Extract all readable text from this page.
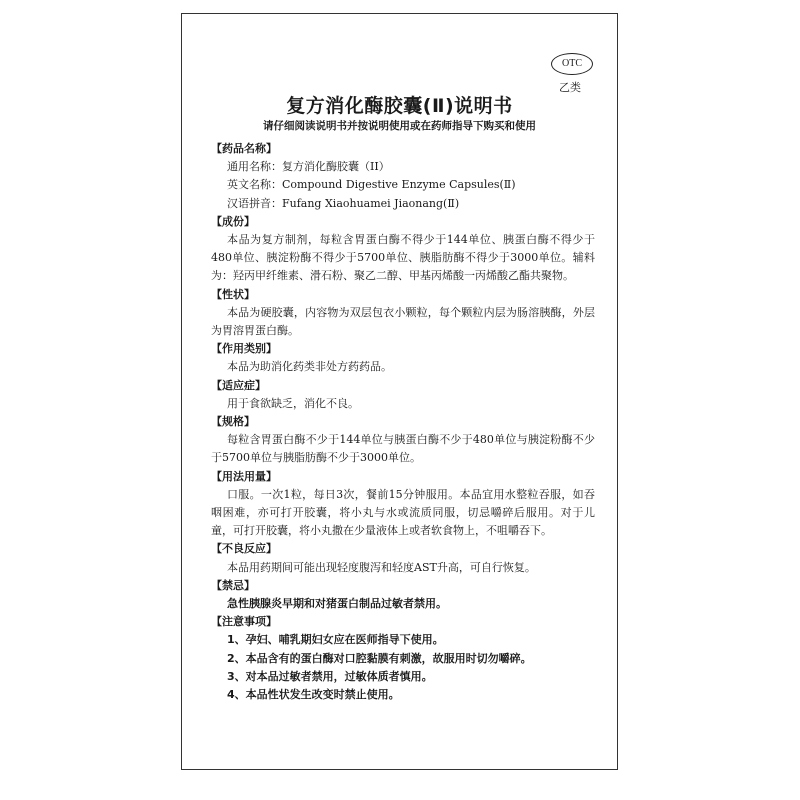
OTC
乙类
复方消化酶胶囊(Ⅱ)说明书
请仔细阅读说明书并按说明使用或在药师指导下购买和使用
【药品名称】
通用名称：复方消化酶胶囊（II）
英文名称：Compound Digestive Enzyme Capsules(Ⅱ)
汉语拼音：Fufang Xiaohuamei Jiaonang(Ⅱ)
【成份】
本品为复方制剂，每粒含胃蛋白酶不得少于144单位、胰蛋白酶不得少于480单位、胰淀粉酶不得少于5700单位、胰脂肪酶不得少于3000单位。辅料为：羟丙甲纤维素、滑石粉、聚乙二醇、甲基丙烯酸一丙烯酸乙酯共聚物。
【性状】
本品为硬胶囊，内容物为双层包衣小颗粒，每个颗粒内层为肠溶胰酶，外层为胃溶胃蛋白酶。
【作用类别】
本品为助消化药类非处方药药品。
【适应症】
用于食欲缺乏，消化不良。
【规格】
每粒含胃蛋白酶不少于144单位与胰蛋白酶不少于480单位与胰淀粉酶不少于5700单位与胰脂肪酶不少于3000单位。
【用法用量】
口服。一次1粒，每日3次，餐前15分钟服用。本品宜用水整粒吞服，如吞咽困难，亦可打开胶囊，将小丸与水或流质同服，切忌嚼碎后服用。对于儿童，可打开胶囊，将小丸撒在少量液体上或者软食物上，不咀嚼吞下。
【不良反应】
本品用药期间可能出现轻度腹泻和轻度AST升高，可自行恢复。
【禁忌】
急性胰腺炎早期和对猪蛋白制品过敏者禁用。
【注意事项】
1、孕妇、哺乳期妇女应在医师指导下使用。
2、本品含有的蛋白酶对口腔黏膜有刺激，故服用时切勿嚼碎。
3、对本品过敏者禁用，过敏体质者慎用。
4、本品性状发生改变时禁止使用。
